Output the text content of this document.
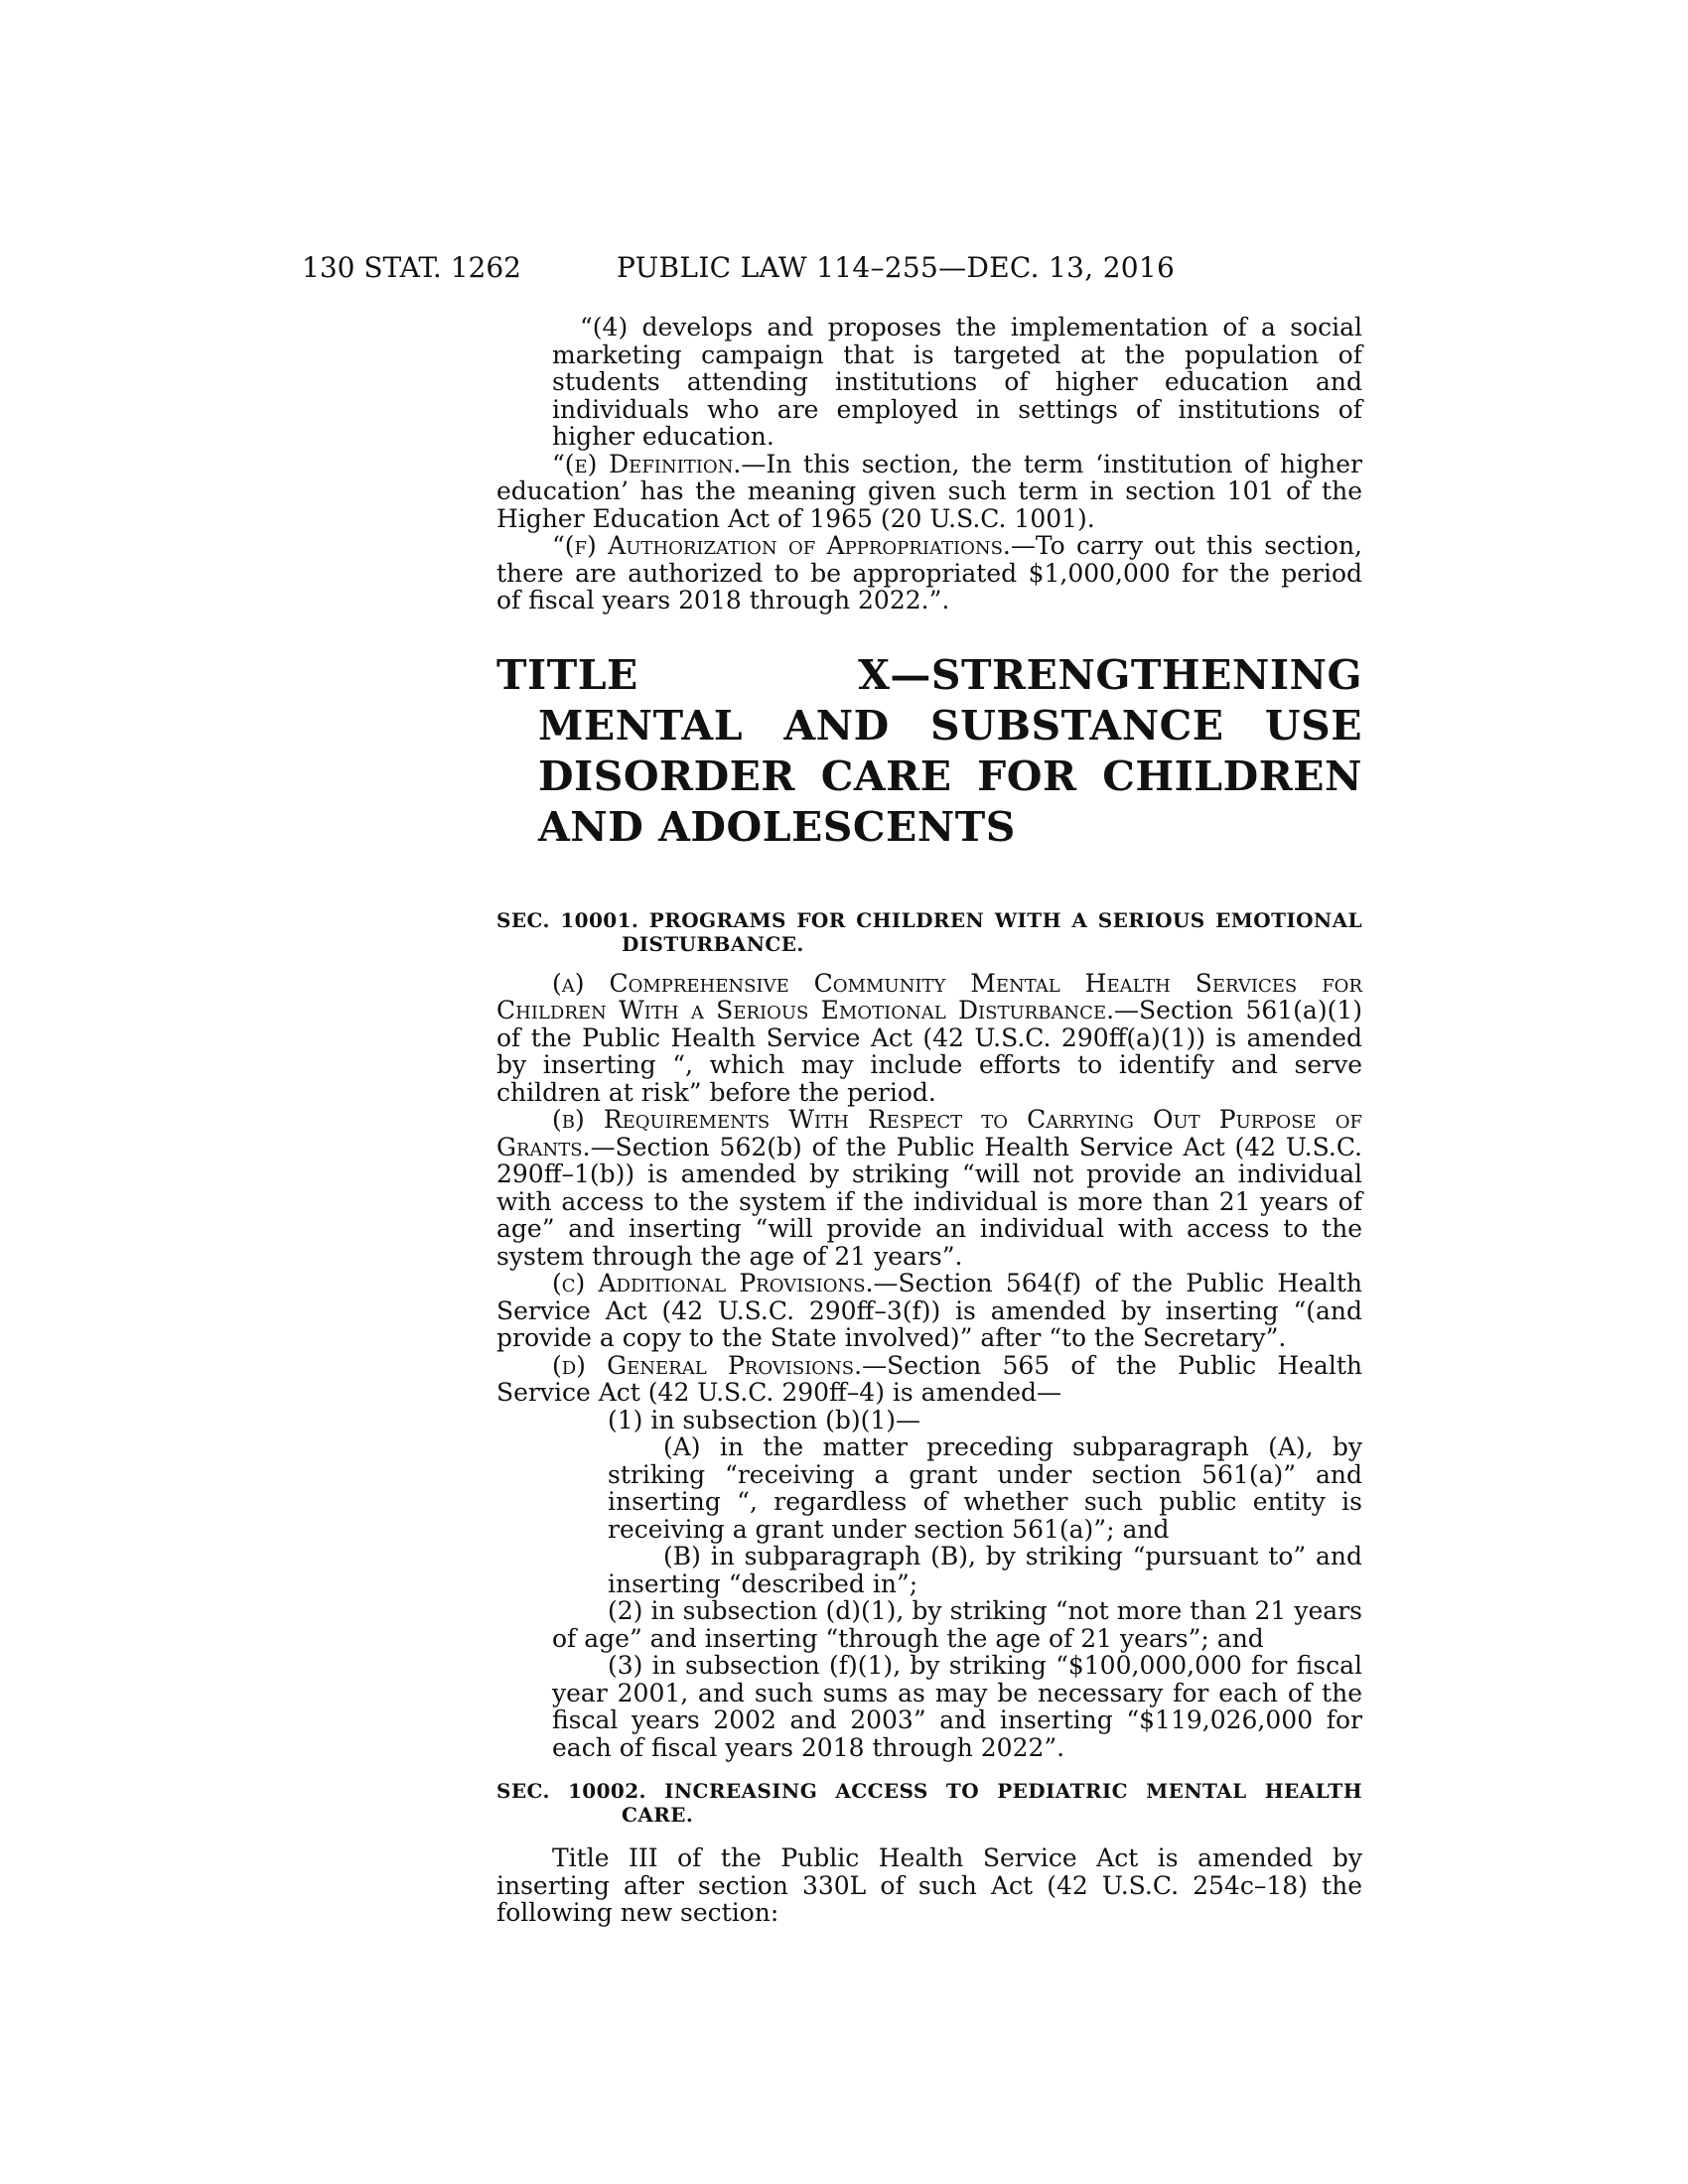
130 STAT. 1262	PUBLIC LAW 114–255—DEC. 13, 2016

“(4) develops and proposes the implementation of a social marketing campaign that is targeted at the population of students attending institutions of higher education and individuals who are employed in settings of institutions of higher education.

“(e) Definition.—In this section, the term ‘institution of higher education’ has the meaning given such term in section 101 of the Higher Education Act of 1965 (20 U.S.C. 1001).

“(f) Authorization of Appropriations.—To carry out this section, there are authorized to be appropriated $1,000,000 for the period of fiscal years 2018 through 2022.”.

TITLE X—STRENGTHENING MENTAL AND SUBSTANCE USE DISORDER CARE FOR CHILDREN AND ADOLESCENTS
SEC. 10001. PROGRAMS FOR CHILDREN WITH A SERIOUS EMOTIONAL DISTURBANCE.

(a) Comprehensive Community Mental Health Services for Children With a Serious Emotional Disturbance.—Section 561(a)(1) of the Public Health Service Act (42 U.S.C. 290ff(a)(1)) is amended by inserting “, which may include efforts to identify and serve children at risk” before the period.

(b) Requirements With Respect to Carrying Out Purpose of Grants.—Section 562(b) of the Public Health Service Act (42 U.S.C. 290ff–1(b)) is amended by striking “will not provide an individual with access to the system if the individual is more than 21 years of age” and inserting “will provide an individual with access to the system through the age of 21 years”.

(c) Additional Provisions.—Section 564(f) of the Public Health Service Act (42 U.S.C. 290ff–3(f)) is amended by inserting “(and provide a copy to the State involved)” after “to the Secretary”.

(d) General Provisions.—Section 565 of the Public Health Service Act (42 U.S.C. 290ff–4) is amended—

(1) in subsection (b)(1)—

(A) in the matter preceding subparagraph (A), by striking “receiving a grant under section 561(a)” and inserting “, regardless of whether such public entity is receiving a grant under section 561(a)”; and

(B) in subparagraph (B), by striking “pursuant to” and inserting “described in”;

(2) in subsection (d)(1), by striking “not more than 21 years of age” and inserting “through the age of 21 years”; and

(3) in subsection (f)(1), by striking “$100,000,000 for fiscal year 2001, and such sums as may be necessary for each of the fiscal years 2002 and 2003” and inserting “$119,026,000 for each of fiscal years 2018 through 2022”.

SEC. 10002. INCREASING ACCESS TO PEDIATRIC MENTAL HEALTH CARE.

Title III of the Public Health Service Act is amended by inserting after section 330L of such Act (42 U.S.C. 254c–18) the following new section:
